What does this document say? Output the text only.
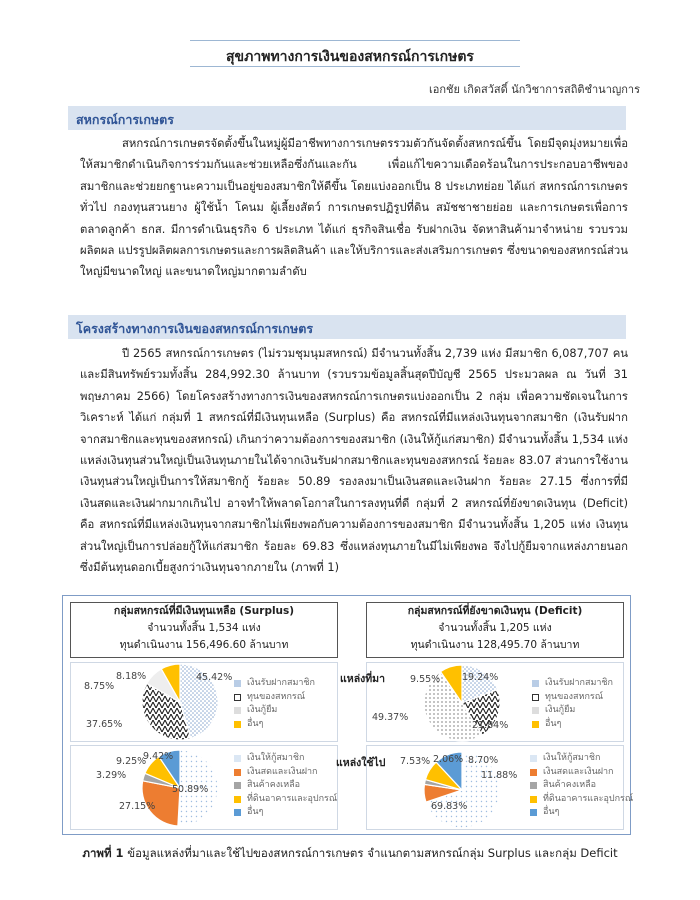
สุขภาพทางการเงินของสหกรณ์การเกษตร
เอกชัย เกิดสวัสดิ์ นักวิชาการสถิติชำนาญการ
สหกรณ์การเกษตร

สหกรณ์การเกษตรจัดตั้งขึ้นในหมู่ผู้มีอาชีพทางการเกษตรรวมตัวกันจัดตั้งสหกรณ์ขึ้น โดยมีจุดมุ่งหมายเพื่อให้สมาชิกดำเนินกิจการร่วมกันและช่วยเหลือซึ่งกันและกัน เพื่อแก้ไขความเดือดร้อนในการประกอบอาชีพของสมาชิกและช่วยยกฐานะความเป็นอยู่ของสมาชิกให้ดีขึ้น โดยแบ่งออกเป็น 8 ประเภทย่อย ได้แก่ สหกรณ์การเกษตรทั่วไป กองทุนสวนยาง ผู้ใช้น้ำ โคนม ผู้เลี้ยงสัตว์ การเกษตรปฏิรูปที่ดิน สมัชชาชายย่อย และการเกษตรเพื่อการตลาดลูกค้า ธกส. มีการดำเนินธุรกิจ 6 ประเภท ได้แก่ ธุรกิจสินเชื่อ รับฝากเงิน จัดหาสินค้ามาจำหน่าย รวบรวมผลิตผล แปรรูปผลิตผลการเกษตรและการผลิตสินค้า และให้บริการและส่งเสริมการเกษตร ซึ่งขนาดของสหกรณ์ส่วนใหญ่มีขนาดใหญ่ และขนาดใหญ่มากตามลำดับ

โครงสร้างทางการเงินของสหกรณ์การเกษตร

ปี 2565 สหกรณ์การเกษตร (ไม่รวมชุมนุมสหกรณ์) มีจำนวนทั้งสิ้น 2,739 แห่ง มีสมาชิก 6,087,707 คน และมีสินทรัพย์รวมทั้งสิ้น 284,992.30 ล้านบาท (รวบรวมข้อมูลสิ้นสุดปีบัญชี 2565 ประมวลผล ณ วันที่ 31 พฤษภาคม 2566) โดยโครงสร้างทางการเงินของสหกรณ์การเกษตรแบ่งออกเป็น 2 กลุ่ม เพื่อความชัดเจนในการวิเคราะห์ ได้แก่ กลุ่มที่ 1 สหกรณ์ที่มีเงินทุนเหลือ (Surplus) คือ สหกรณ์ที่มีแหล่งเงินทุนจากสมาชิก (เงินรับฝากจากสมาชิกและทุนของสหกรณ์) เกินกว่าความต้องการของสมาชิก (เงินให้กู้แก่สมาชิก) มีจำนวนทั้งสิ้น 1,534 แห่ง แหล่งเงินทุนส่วนใหญ่เป็นเงินทุนภายในได้จากเงินรับฝากสมาชิกและทุนของสหกรณ์ ร้อยละ 83.07 ส่วนการใช้งานเงินทุนส่วนใหญ่เป็นการให้สมาชิกกู้ ร้อยละ 50.89 รองลงมาเป็นเงินสดและเงินฝาก ร้อยละ 27.15 ซึ่งการที่มีเงินสดและเงินฝากมากเกินไป อาจทำให้พลาดโอกาสในการลงทุนที่ดี กลุ่มที่ 2 สหกรณ์ที่ยังขาดเงินทุน (Deficit) คือ สหกรณ์ที่มีแหล่งเงินทุนจากสมาชิกไม่เพียงพอกับความต้องการของสมาชิก มีจำนวนทั้งสิ้น 1,205 แห่ง เงินทุนส่วนใหญ่เป็นการปล่อยกู้ให้แก่สมาชิก ร้อยละ 69.83 ซึ่งแหล่งทุนภายในมีไม่เพียงพอ จึงไปกู้ยืมจากแหล่งภายนอก ซึ่งมีต้นทุนดอกเบี้ยสูงกว่าเงินทุนจากภายใน (ภาพที่ 1)

กลุ่มสหกรณ์ที่มีเงินทุนเหลือ (Surplus)
จำนวนทั้งสิ้น 1,534 แห่ง
ทุนดำเนินงาน 156,496.60 ล้านบาท
กลุ่มสหกรณ์ที่ยังขาดเงินทุน (Deficit)
จำนวนทั้งสิ้น 1,205 แห่ง
ทุนดำเนินงาน 128,495.70 ล้านบาท
แหล่งที่มา
แหล่งใช้ไป
45.42%
37.65%
8.75%
8.18%	19.24%
21.84%
49.37%
9.55%
50.89%
27.15%
3.29%
9.25%
9.42%
69.83%
7.53% 2.06% 8.70%
11.88%
เงินรับฝากสมาชิก
ทุนของสหกรณ์
เงินกู้ยืม
อื่นๆ
เงินรับฝากสมาชิก
ทุนของสหกรณ์
เงินกู้ยืม
อื่นๆ
เงินให้กู้สมาชิก
เงินสดและเงินฝาก
สินค้าคงเหลือ
ที่ดินอาคารและอุปกรณ์
อื่นๆ
เงินให้กู้สมาชิก
เงินสดและเงินฝาก
สินค้าคงเหลือ
ที่ดินอาคารและอุปกรณ์
อื่นๆ
ภาพที่ 1 ข้อมูลแหล่งที่มาและใช้ไปของสหกรณ์การเกษตร จำแนกตามสหกรณ์กลุ่ม Surplus และกลุ่ม Deficit
